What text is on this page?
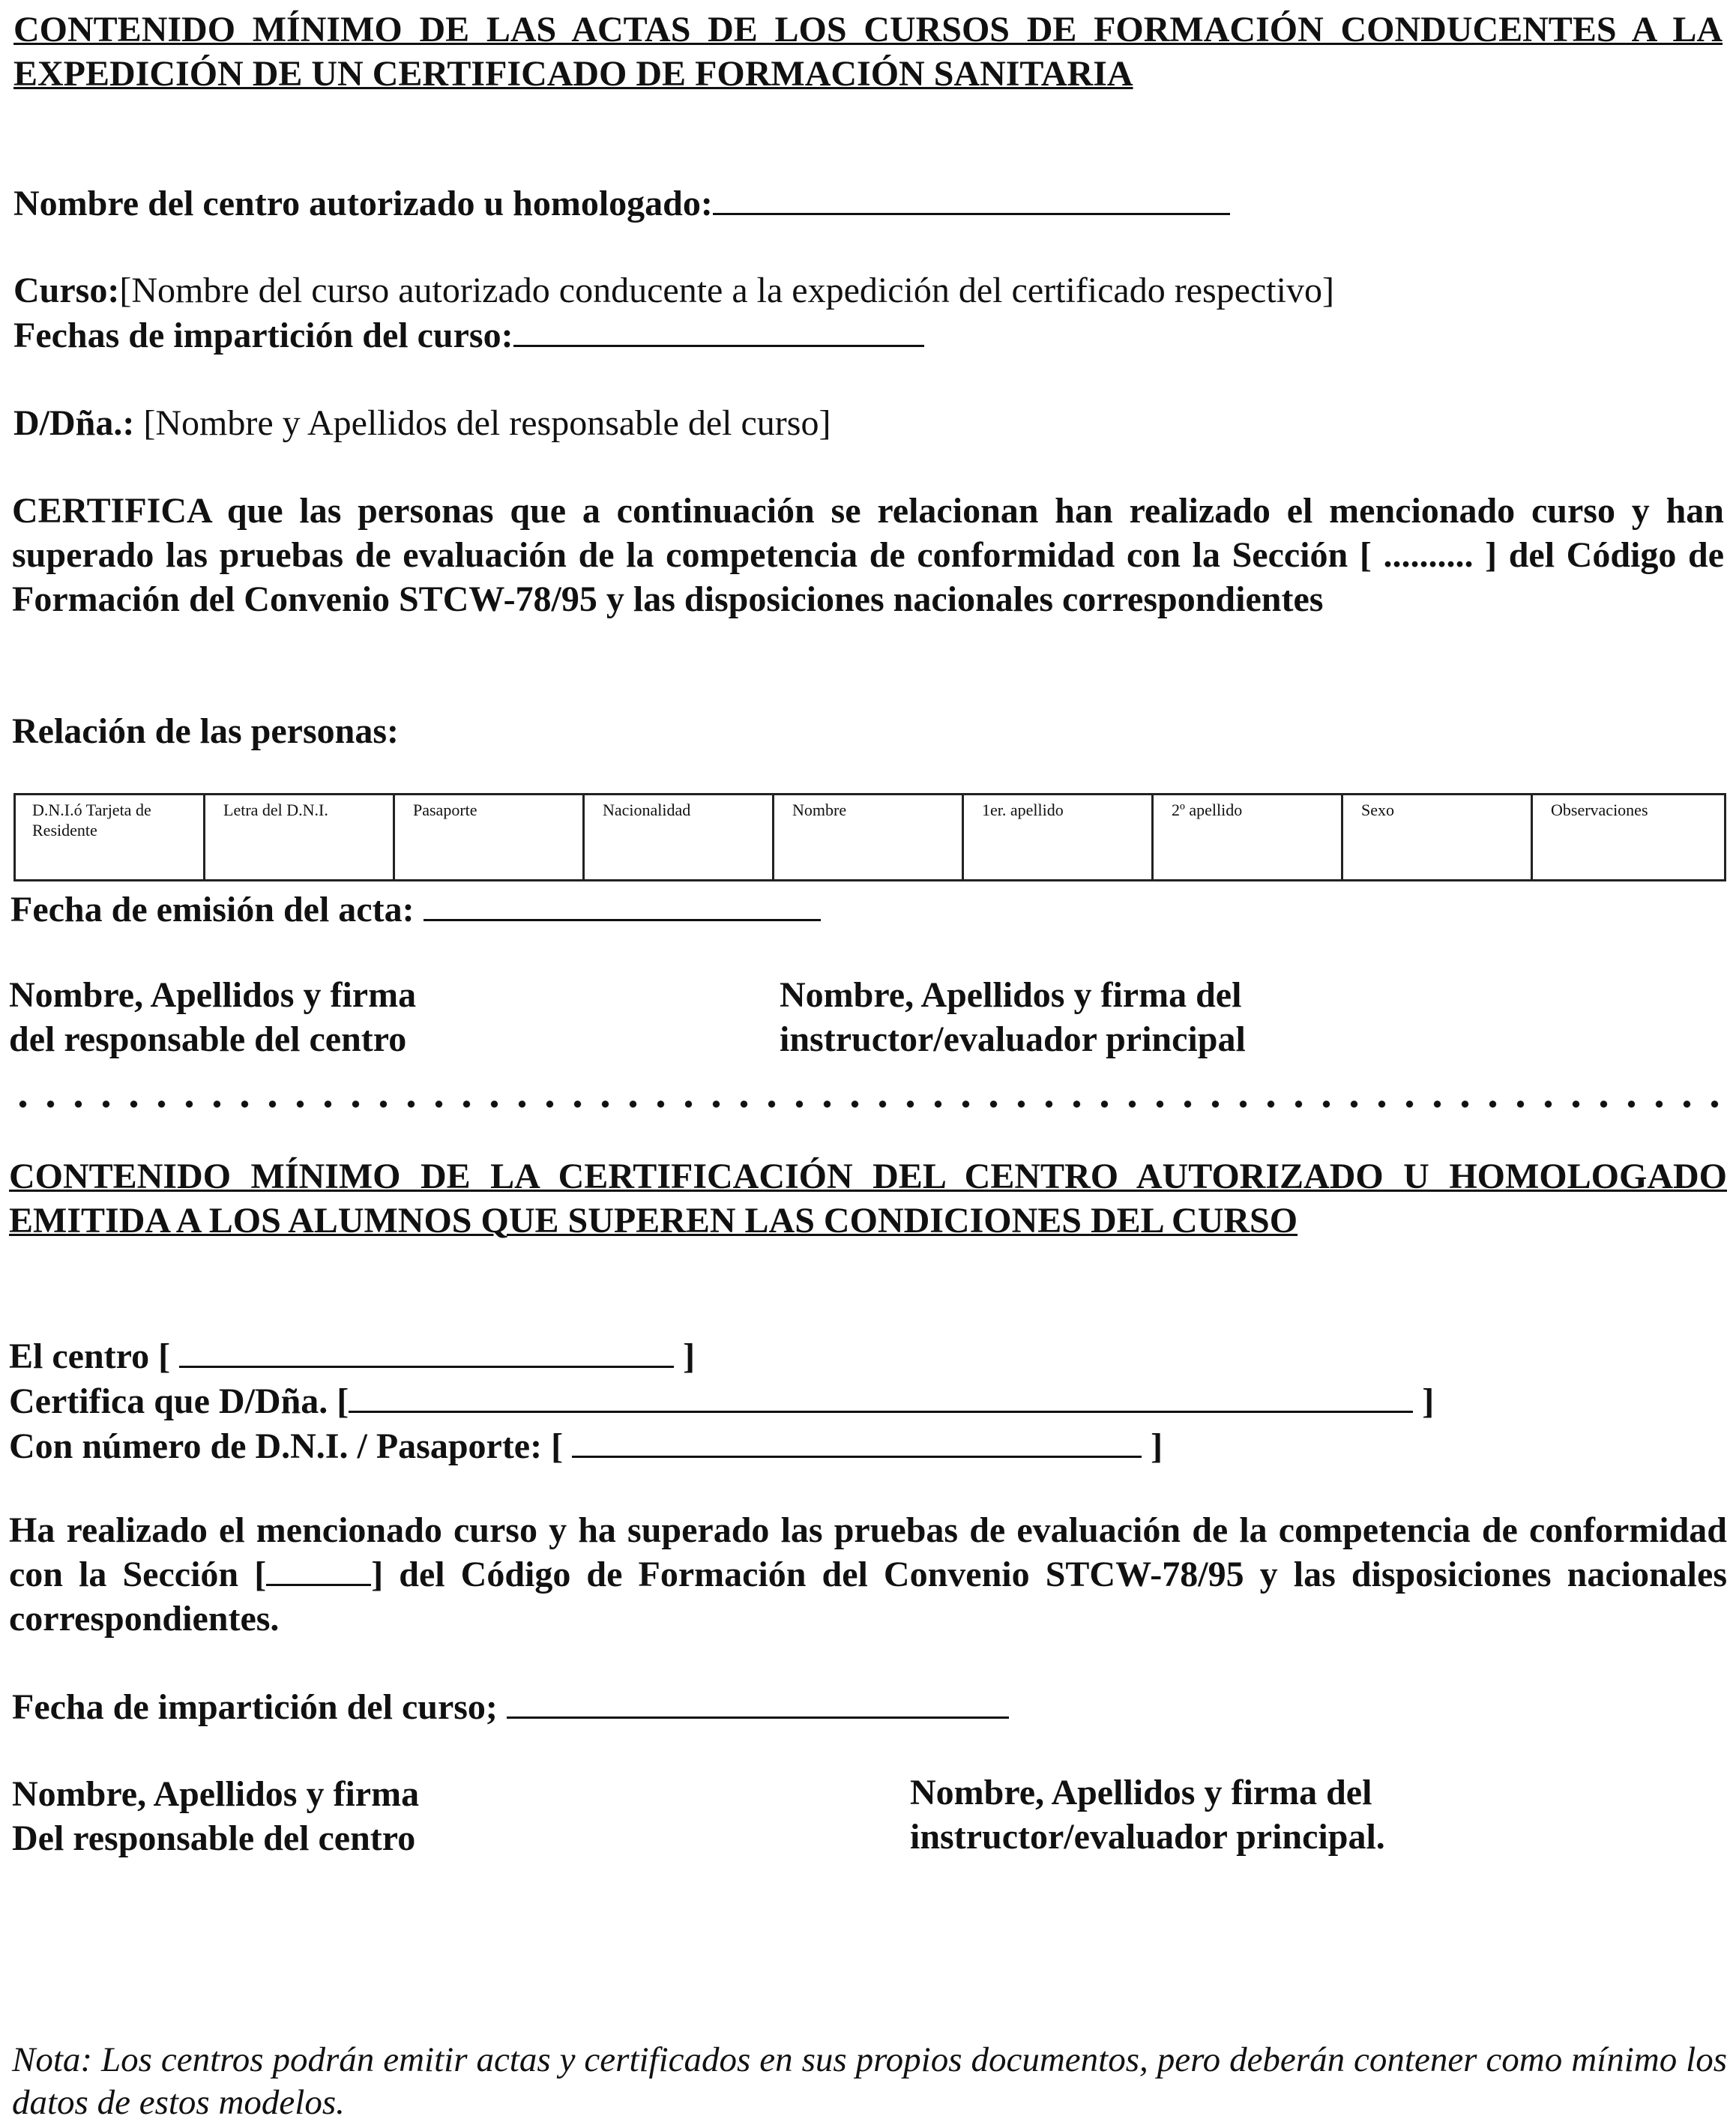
CONTENIDO MÍNIMO DE LAS ACTAS DE LOS CURSOS DE FORMACIÓN CONDUCENTES A LA EXPEDICIÓN DE UN CERTIFICADO DE FORMACIÓN SANITARIA
Nombre del centro autorizado u homologado:
Curso:[Nombre del curso autorizado conducente a la expedición del certificado respectivo]
Fechas de impartición del curso:
D/Dña.: [Nombre y Apellidos del responsable del curso]
CERTIFICA que las personas que a continuación se relacionan han realizado el mencionado curso y han superado las pruebas de evaluación de la competencia de conformidad con la Sección [ .......... ] del Código de Formación del Convenio STCW-78/95 y las disposiciones nacionales correspondientes
Relación de las personas:
D.N.I.ó Tarjeta de Residente	Letra del D.N.I.	Pasaporte	Nacionalidad	Nombre	1er. apellido	2º apellido	Sexo	Observaciones
Fecha de emisión del acta:
Nombre, Apellidos y firma
del responsable del centro
Nombre, Apellidos y firma del
instructor/evaluador principal
CONTENIDO MÍNIMO DE LA CERTIFICACIÓN DEL CENTRO AUTORIZADO U HOMOLOGADO EMITIDA A LOS ALUMNOS QUE SUPEREN LAS CONDICIONES DEL CURSO
El centro [	]
Certifica que D/Dña. [	]
Con número de D.N.I. / Pasaporte: [	]
Ha realizado el mencionado curso y ha superado las pruebas de evaluación de la competencia de conformidad con la Sección [	] del Código de Formación del Convenio STCW-78/95 y las disposiciones nacionales correspondientes.
Fecha de impartición del curso;
Nombre, Apellidos y firma
Del responsable del centro
Nombre, Apellidos y firma del
instructor/evaluador principal.
Nota: Los centros podrán emitir actas y certificados en sus propios documentos, pero deberán contener como mínimo los datos de estos modelos.
